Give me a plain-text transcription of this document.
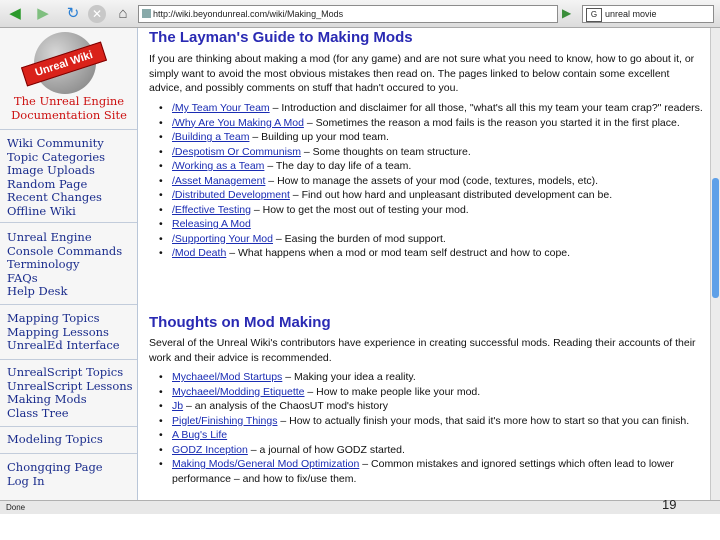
◀	▶	↻	✕	⌂	http://wiki.beyondunreal.com/wiki/Making_Mods	▶	G unreal movie
Unreal Wiki
The Unreal Engine
Documentation Site
Wiki Community
Topic Categories
Image Uploads
Random Page
Recent Changes
Offline Wiki
Unreal Engine
Console Commands
Terminology
FAQs
Help Desk
Mapping Topics
Mapping Lessons
UnrealEd Interface
UnrealScript Topics
UnrealScript Lessons
Making Mods
Class Tree
Modeling Topics
Chongqing Page
Log In
The Layman's Guide to Making Mods

If you are thinking about making a mod (for any game) and are not sure what you need to know, how to go about it, or simply want to avoid the most obvious mistakes then read on. The pages linked to below contain some excellent advice, and possibly comments on stuff that hadn't occured to you.

• /My Team Your Team – Introduction and disclaimer for all those, "what's all this my team your team crap?" readers.
• /Why Are You Making A Mod – Sometimes the reason a mod fails is the reason you started it in the first place.
• /Building a Team – Building up your mod team.
• /Despotism Or Communism – Some thoughts on team structure.
• /Working as a Team – The day to day life of a team.
• /Asset Management – How to manage the assets of your mod (code, textures, models, etc).
• /Distributed Development – Find out how hard and unpleasant distributed development can be.
• /Effective Testing – How to get the most out of testing your mod.
• Releasing A Mod
• /Supporting Your Mod – Easing the burden of mod support.
• /Mod Death – What happens when a mod or mod team self destruct and how to cope.
Thoughts on Mod Making

Several of the Unreal Wiki's contributors have experience in creating successful mods. Reading their accounts of their work and their advice is recommended.

• Mychaeel/Mod Startups – Making your idea a reality.
• Mychaeel/Modding Etiquette – How to make people like your mod.
• Jb – an analysis of the ChaosUT mod's history
• Piglet/Finishing Things – How to actually finish your mods, that said it's more how to start so that you can finish.
• A Bug's Life
• GODZ Inception – a journal of how GODZ started.
• Making Mods/General Mod Optimization – Common mistakes and ignored settings which often lead to lower performance – and how to fix/use them.
Done	19
